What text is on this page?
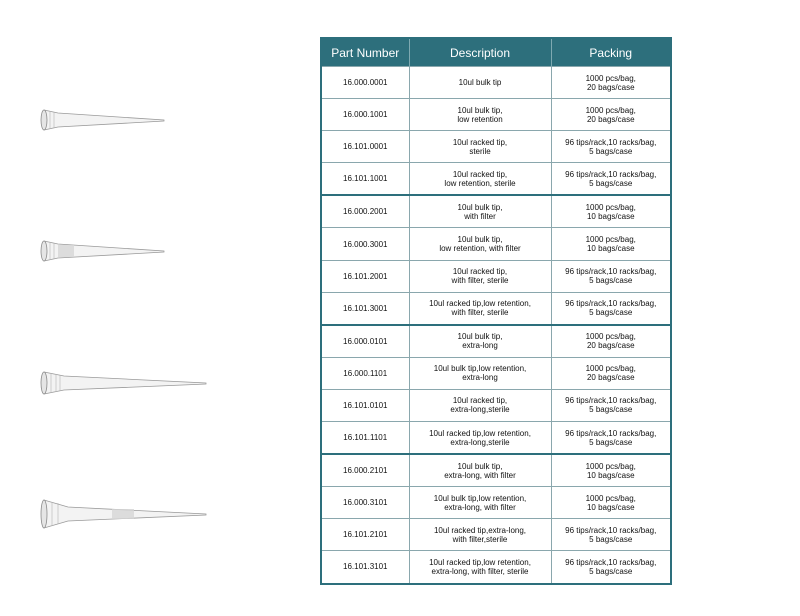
Part Number	Description	Packing
16.000.0001	10ul bulk tip	1000 pcs/bag,
20 bags/case

16.000.1001	10ul bulk tip,
low retention	1000 pcs/bag,
20 bags/case

16.101.0001	10ul racked tip,
sterile	96 tips/rack,10 racks/bag,
5 bags/case

16.101.1001	10ul racked tip,
low retention, sterile	96 tips/rack,10 racks/bag,
5 bags/case

16.000.2001	10ul bulk tip,
with filter	1000 pcs/bag,
10 bags/case

16.000.3001	10ul bulk tip,
low retention, with filter	1000 pcs/bag,
10 bags/case

16.101.2001	10ul racked tip,
with filter, sterile	96 tips/rack,10 racks/bag,
5 bags/case

16.101.3001	10ul racked tip,low retention,
with filter, sterile	96 tips/rack,10 racks/bag,
5 bags/case

16.000.0101	10ul bulk tip,
extra-long	1000 pcs/bag,
20 bags/case

16.000.1101	10ul bulk tip,low retention,
extra-long	1000 pcs/bag,
20 bags/case

16.101.0101	10ul racked tip,
extra-long,sterile	96 tips/rack,10 racks/bag,
5 bags/case

16.101.1101	10ul racked tip,low retention,
extra-long,sterile	96 tips/rack,10 racks/bag,
5 bags/case

16.000.2101	10ul bulk tip,
extra-long, with filter	1000 pcs/bag,
10 bags/case

16.000.3101	10ul bulk tip,low retention,
extra-long, with filter	1000 pcs/bag,
10 bags/case

16.101.2101	10ul racked tip,extra-long,
with filter,sterile	96 tips/rack,10 racks/bag,
5 bags/case

16.101.3101	10ul racked tip,low retention,
extra-long, with filter, sterile	96 tips/rack,10 racks/bag,
5 bags/case
